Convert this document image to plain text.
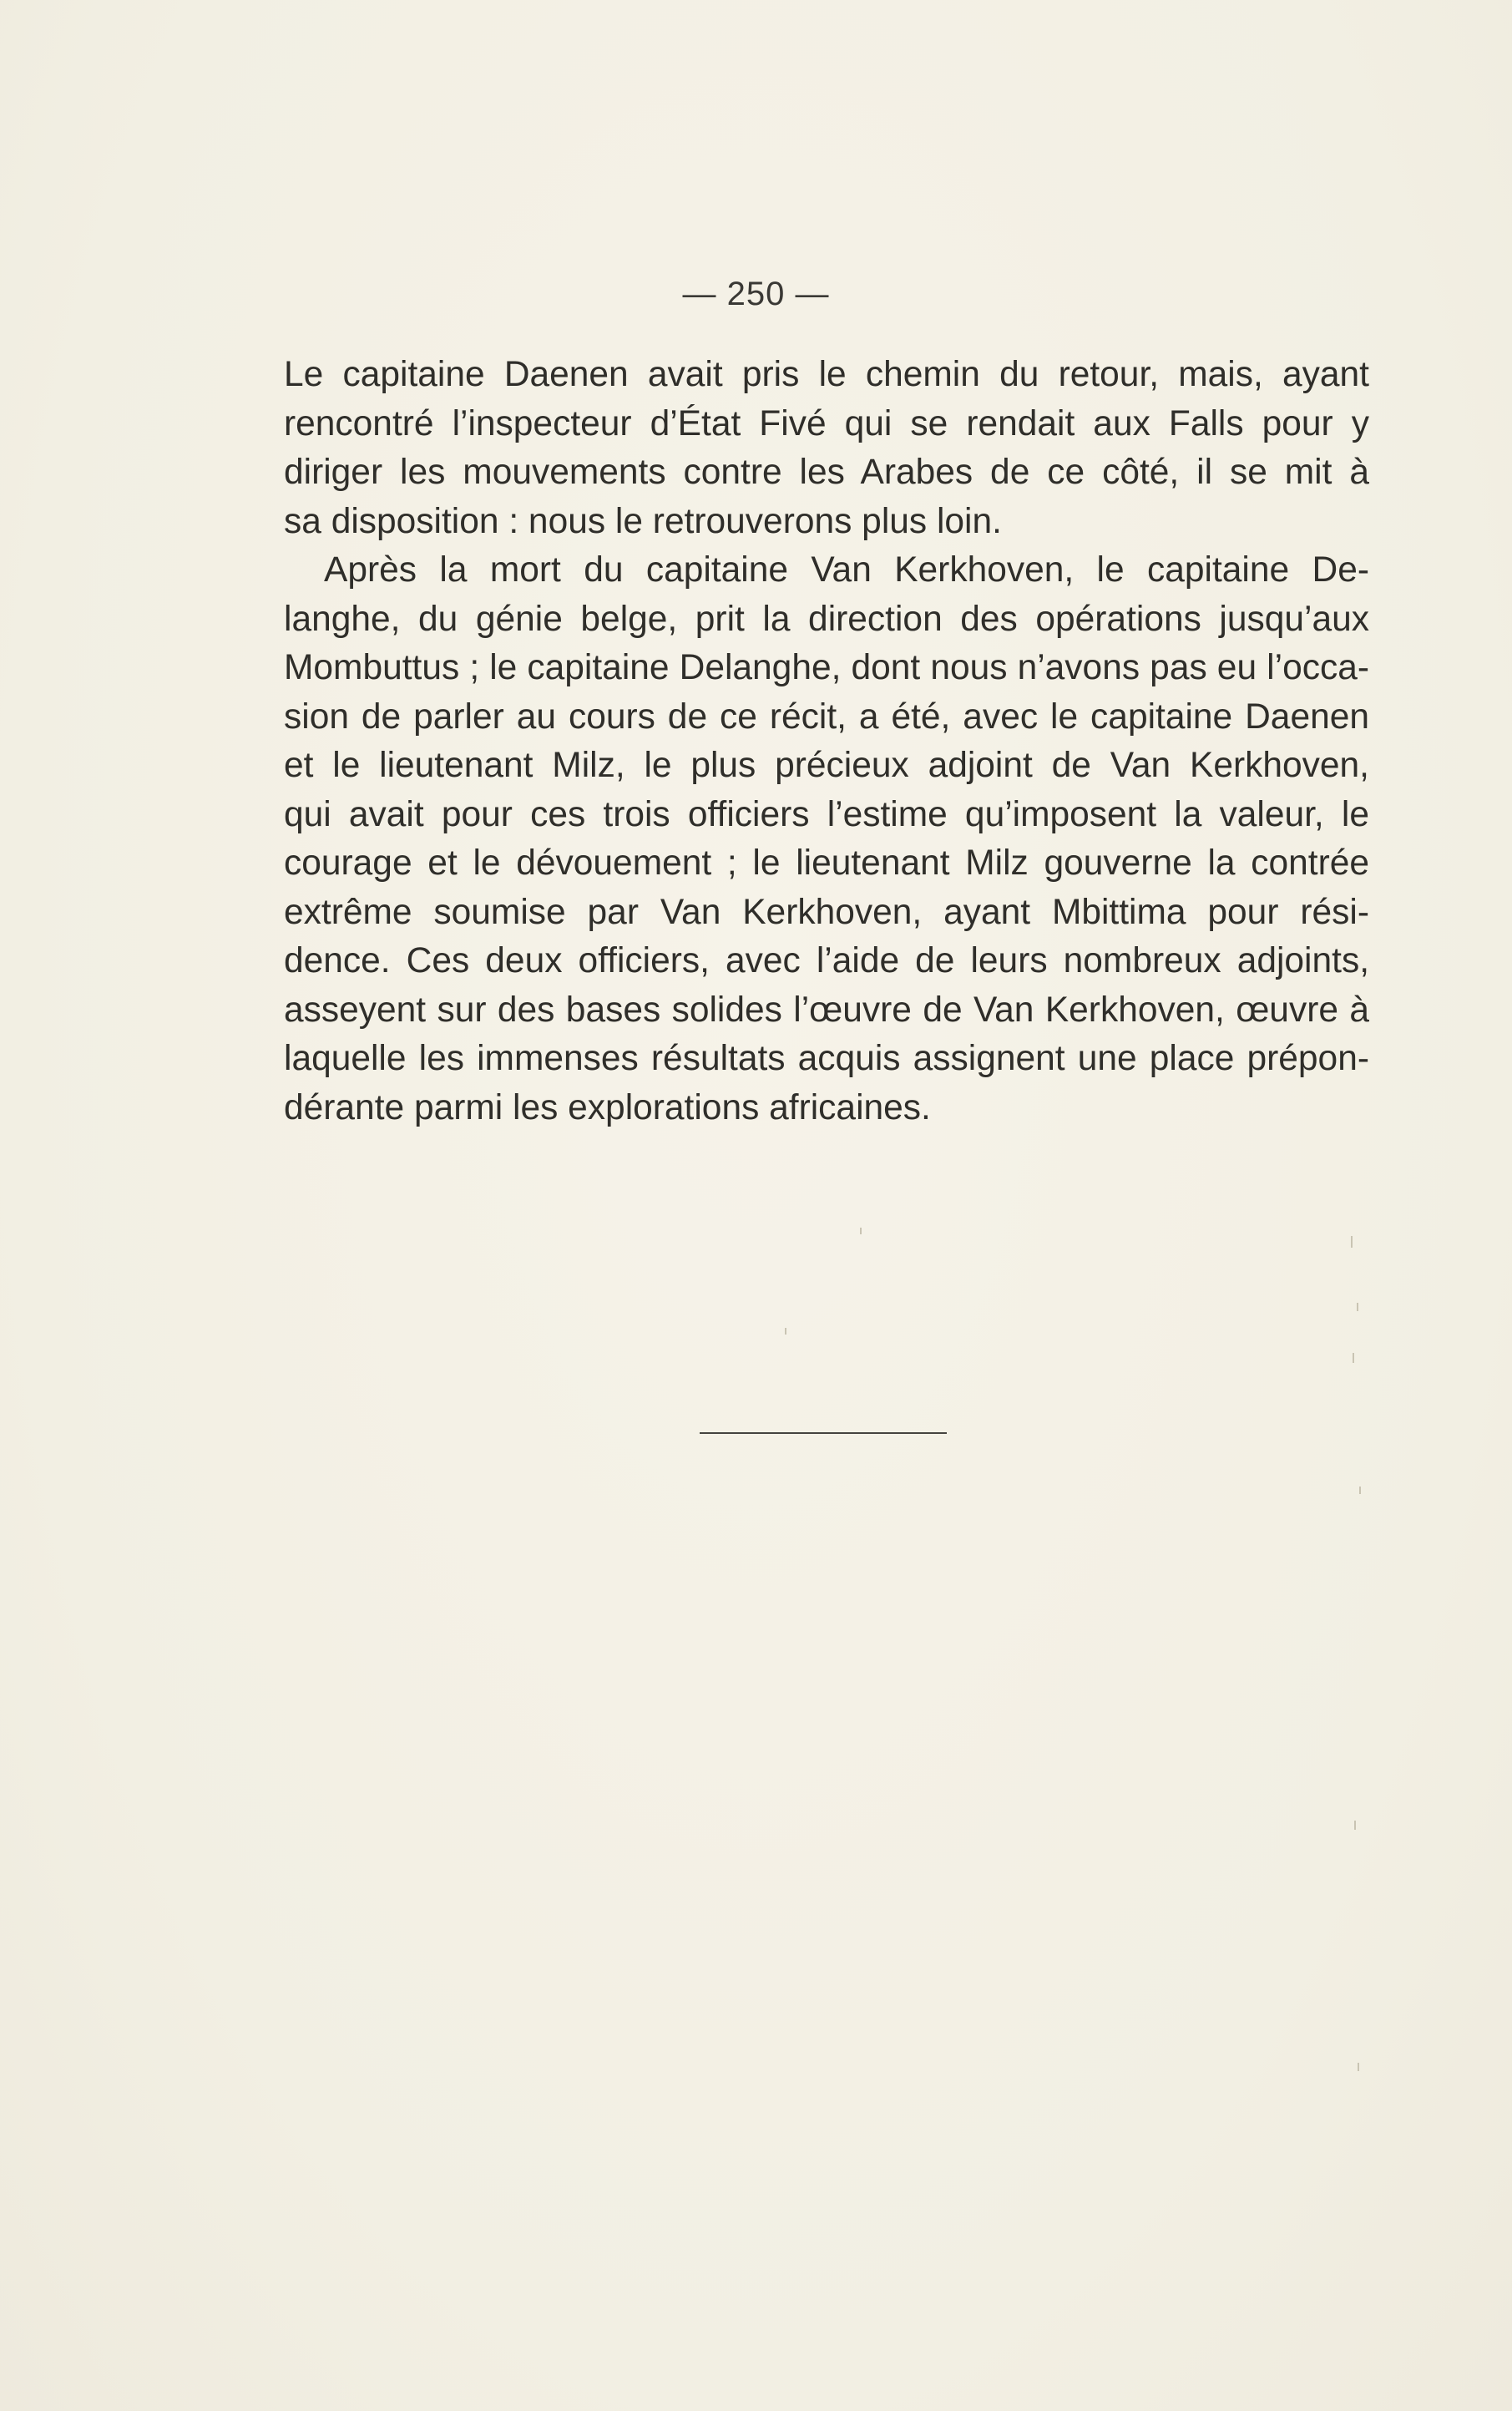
— 250 —
Le capitaine Daenen avait pris le chemin du retour, mais, ayant
rencontré l’inspecteur d’État Fivé qui se rendait aux Falls pour y
diriger les mouvements contre les Arabes de ce côté, il se mit à
sa disposition : nous le retrouverons plus loin.
Après la mort du capitaine Van Kerkhoven, le capitaine De-
langhe, du génie belge, prit la direction des opérations jusqu’aux
Mombuttus ; le capitaine Delanghe, dont nous n’avons pas eu l’occa-
sion de parler au cours de ce récit, a été, avec le capitaine Daenen
et le lieutenant Milz, le plus précieux adjoint de Van Kerkhoven,
qui avait pour ces trois officiers l’estime qu’imposent la valeur, le
courage et le dévouement ; le lieutenant Milz gouverne la contrée
extrême soumise par Van Kerkhoven, ayant Mbittima pour rési-
dence. Ces deux officiers, avec l’aide de leurs nombreux adjoints,
asseyent sur des bases solides l’œuvre de Van Kerkhoven, œuvre à
laquelle les immenses résultats acquis assignent une place prépon-
dérante parmi les explorations africaines.
